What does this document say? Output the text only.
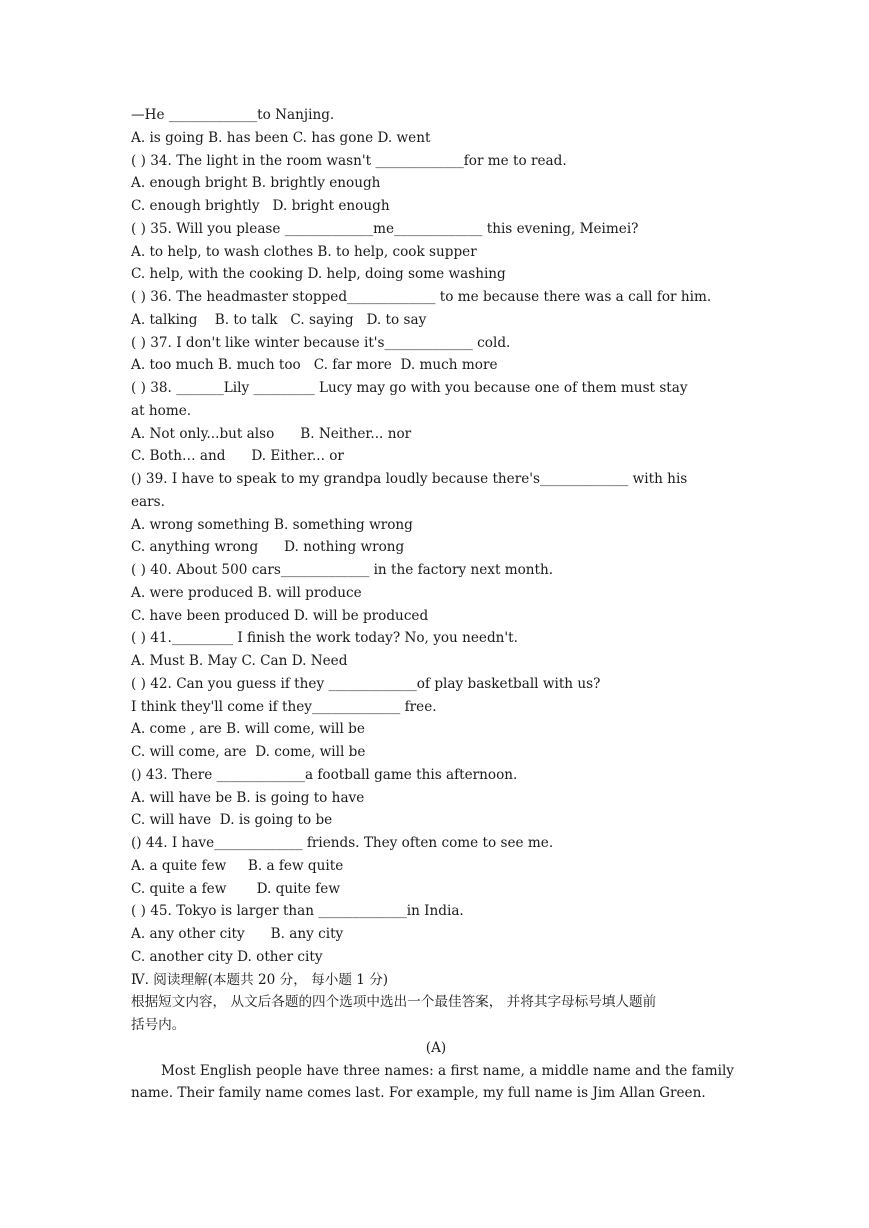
—He _____________to Nanjing.
A. is going B. has been C. has gone D. went
( ) 34. The light in the room wasn't _____________for me to read.
A. enough bright B. brightly enough
C. enough brightly   D. bright enough
( ) 35. Will you please _____________me_____________ this evening, Meimei?
A. to help, to wash clothes B. to help, cook supper
C. help, with the cooking D. help, doing some washing
( ) 36. The headmaster stopped_____________ to me because there was a call for him.
A. talking    B. to talk   C. saying   D. to say
( ) 37. I don't like winter because it's_____________ cold.
A. too much B. much too   C. far more  D. much more
( ) 38. _______Lily _________ Lucy may go with you because one of them must stay
at home.
A. Not only...but also      B. Neither... nor
C. Both… and      D. Either... or
() 39. I have to speak to my grandpa loudly because there's_____________ with his
ears.
A. wrong something B. something wrong
C. anything wrong      D. nothing wrong
( ) 40. About 500 cars_____________ in the factory next month.
A. were produced B. will produce
C. have been produced D. will be produced
( ) 41._________ I finish the work today? No, you needn't.
A. Must B. May C. Can D. Need
( ) 42. Can you guess if they _____________of play basketball with us?
I think they'll come if they_____________ free.
A. come , are B. will come, will be
C. will come, are  D. come, will be
() 43. There _____________a football game this afternoon.
A. will have be B. is going to have
C. will have  D. is going to be
() 44. I have_____________ friends. They often come to see me.
A. a quite few     B. a few quite
C. quite a few       D. quite few
( ) 45. Tokyo is larger than _____________in India.
A. any other city      B. any city
C. another city D. other city
Ⅳ. 阅读理解(本题共 20 分， 每小题 1 分)
根据短文内容， 从文后各题的四个选项中选出一个最佳答案， 并将其字母标号填人题前
括号内。
(A)
Most English people have three names: a first name, a middle name and the family
name. Their family name comes last. For example, my full name is Jim Allan Green.
